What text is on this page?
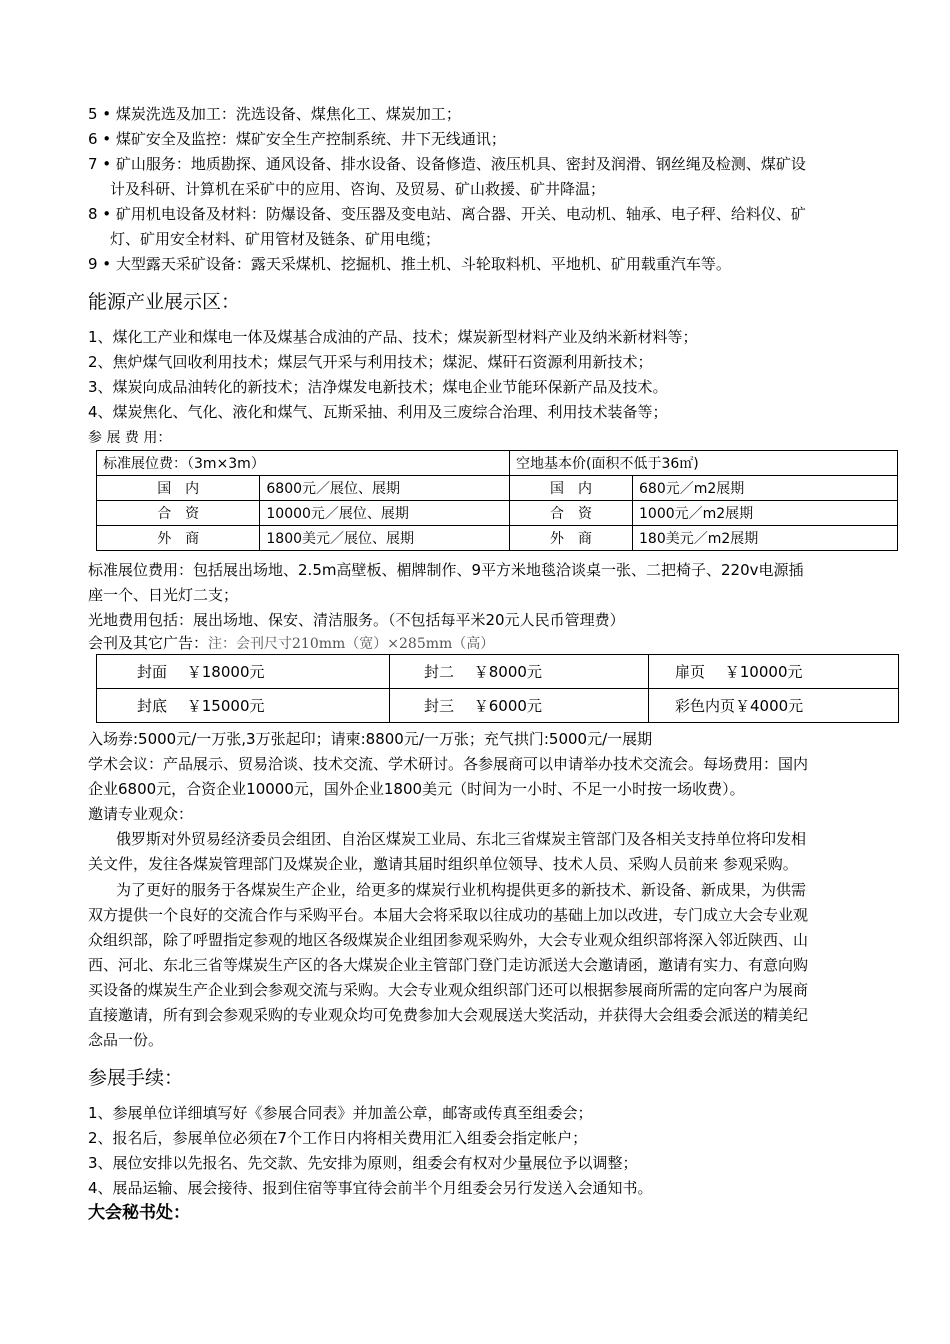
5 • 煤炭洗选及加工：洗选设备、煤焦化工、煤炭加工；
6 • 煤矿安全及监控：煤矿安全生产控制系统、井下无线通讯；
7 • 矿山服务：地质勘探、通风设备、排水设备、设备修造、液压机具、密封及润滑、钢丝绳及检测、煤矿设
计及科研、计算机在采矿中的应用、咨询、及贸易、矿山救援、矿井降温；
8 • 矿用机电设备及材料：防爆设备、变压器及变电站、离合器、开关、电动机、轴承、电子秤、给料仪、矿
灯、矿用安全材料、矿用管材及链条、矿用电缆；
9 • 大型露天采矿设备：露天采煤机、挖掘机、推土机、斗轮取料机、平地机、矿用载重汽车等。
能源产业展示区：
1、煤化工产业和煤电一体及煤基合成油的产品、技术；煤炭新型材料产业及纳米新材料等；
2、焦炉煤气回收利用技术；煤层气开采与利用技术；煤泥、煤矸石资源利用新技术；
3、煤炭向成品油转化的新技术；洁净煤发电新技术；煤电企业节能环保新产品及技术。
4、煤炭焦化、气化、液化和煤气、瓦斯采抽、利用及三废综合治理、利用技术装备等；
参 展 费 用：
标准展位费：（3m×3m）		空地基本价(面积不低于36㎡)	
国　内	6800元／展位、展期	国　内	680元／m2展期
合　资	10000元／展位、展期	合　资	1000元／m2展期
外　商	1800美元／展位、展期	外　商	180美元／m2展期
标准展位费用：包括展出场地、2.5m高壁板、楣牌制作、9平方米地毯洽谈桌一张、二把椅子、220v电源插
座一个、日光灯二支；
光地费用包括：展出场地、保安、清洁服务。（不包括每平米20元人民币管理费）
会刊及其它广告：注：会刊尺寸210mm（宽）×285mm（高）
封面　 ￥18000元	封二　 ￥8000元	扉页　 ￥10000元
封底　 ￥15000元	封三　 ￥6000元	彩色内页￥4000元
入场券:5000元/一万张,3万张起印；请柬:8800元/一万张；充气拱门:5000元/一展期
学术会议：产品展示、贸易洽谈、技术交流、学术研讨。各参展商可以申请举办技术交流会。每场费用：国内
企业6800元，合资企业10000元，国外企业1800美元（时间为一小时、不足一小时按一场收费）。
邀请专业观众：
俄罗斯对外贸易经济委员会组团、自治区煤炭工业局、东北三省煤炭主管部门及各相关支持单位将印发相
关文件，发往各煤炭管理部门及煤炭企业，邀请其届时组织单位领导、技术人员、采购人员前来 参观采购。
为了更好的服务于各煤炭生产企业，给更多的煤炭行业机构提供更多的新技术、新设备、新成果，为供需
双方提供一个良好的交流合作与采购平台。本届大会将采取以往成功的基础上加以改进，专门成立大会专业观
众组织部，除了呼盟指定参观的地区各级煤炭企业组团参观采购外，大会专业观众组织部将深入邻近陕西、山
西、河北、东北三省等煤炭生产区的各大煤炭企业主管部门登门走访派送大会邀请函，邀请有实力、有意向购
买设备的煤炭生产企业到会参观交流与采购。大会专业观众组织部门还可以根据参展商所需的定向客户为展商
直接邀请，所有到会参观采购的专业观众均可免费参加大会观展送大奖活动，并获得大会组委会派送的精美纪
念品一份。
参展手续：
1、参展单位详细填写好《参展合同表》并加盖公章，邮寄或传真至组委会；
2、报名后，参展单位必须在7个工作日内将相关费用汇入组委会指定帐户；
3、展位安排以先报名、先交款、先安排为原则，组委会有权对少量展位予以调整；
4、展品运输、展会接待、报到住宿等事宜待会前半个月组委会另行发送入会通知书。
大会秘书处：
